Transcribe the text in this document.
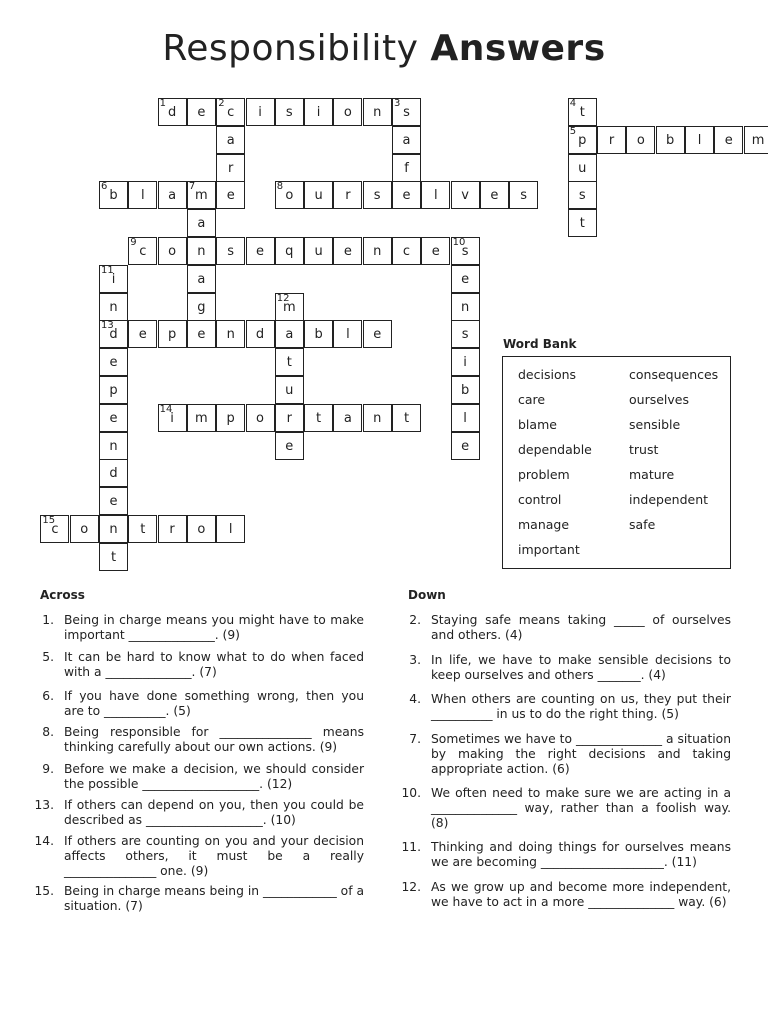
Responsibility Answers
d
1
e	c
2
i	s	i	o	n	s
3
p
5
r	o	b	l	e	m
b
6
l	a	m
7
e	o
8
u	r	s	e	l	v	e	s
c
9
o	n	s	e	q	u	e	n	c	e	s
10
d
13
e	p	e	n	d	a	b	l	e
i
14
m	p	o	r	t	a	n	t
c
15
o	n	t	r	o	l
a
r
a
f
t
4
u
s
t
a
a
g
e
n
s
i
b
l
e
i
11
n
e
p
e
n
d
e
t
m
12
t
u
e
Word Bank
decisions
care
blame
dependable
problem
control
manage
important
consequences
ourselves
sensible
trust
mature
independent
safe
Across	Down
1. Being in charge means you might have to make important ______________. (9)
5. It can be hard to know what to do when faced with a ______________. (7)
6. If you have done something wrong, then you are to __________. (5)
8. Being responsible for _______________ means thinking carefully about our own actions. (9)
9. Before we make a decision, we should consider the possible ___________________. (12)
13. If others can depend on you, then you could be described as ___________________. (10)
14. If others are counting on you and your decision affects others, it must be a really _______________ one. (9)
15. Being in charge means being in ____________ of a situation. (7)
2. Staying safe means taking _____ of ourselves and others. (4)
3. In life, we have to make sensible decisions to keep ourselves and others _______. (4)
4. When others are counting on us, they put their __________ in us to do the right thing. (5)
7. Sometimes we have to ______________ a situation by making the right decisions and taking appropriate action. (6)
10. We often need to make sure we are acting in a ______________ way, rather than a foolish way. (8)
11. Thinking and doing things for ourselves means we are becoming ____________________. (11)
12. As we grow up and become more independent, we have to act in a more ______________ way. (6)
